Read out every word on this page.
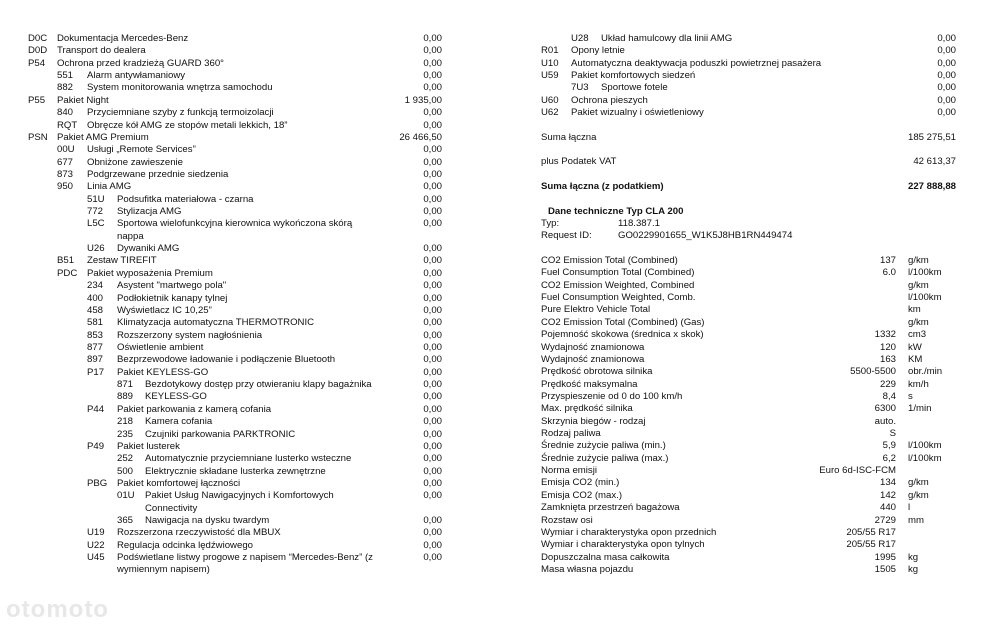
D0C Dokumentacja Mercedes-Benz	0,00
D0D Transport do dealera	0,00
P54 Ochrona przed kradzieżą GUARD 360°	0,00
551 Alarm antywłamaniowy	0,00
882 System monitorowania wnętrza samochodu	0,00
P55 Pakiet Night	1 935,00
840 Przyciemniane szyby z funkcją termoizolacji	0,00
RQT Obręcze kół AMG ze stopów metali lekkich, 18”	0,00
PSN Pakiet AMG Premium	26 466,50
00U Usługi „Remote Services”	0,00
677 Obniżone zawieszenie	0,00
873 Podgrzewane przednie siedzenia	0,00
950 Linia AMG	0,00
51U Podsufitka materiałowa - czarna	0,00
772 Stylizacja AMG	0,00
L5C Sportowa wielofunkcyjna kierownica wykończona skórą	0,00
nappa
U26 Dywaniki AMG	0,00
B51 Zestaw TIREFIT	0,00
PDC Pakiet wyposażenia Premium	0,00
234 Asystent "martwego pola"	0,00
400 Podłokietnik kanapy tylnej	0,00
458 Wyświetlacz IC 10,25”	0,00
581 Klimatyzacja automatyczna THERMOTRONIC	0,00
853 Rozszerzony system nagłośnienia	0,00
877 Oświetlenie ambient	0,00
897 Bezprzewodowe ładowanie i podłączenie Bluetooth	0,00
P17 Pakiet KEYLESS-GO	0,00
871 Bezdotykowy dostęp przy otwieraniu klapy bagażnika	0,00
889 KEYLESS-GO	0,00
P44 Pakiet parkowania z kamerą cofania	0,00
218 Kamera cofania	0,00
235 Czujniki parkowania PARKTRONIC	0,00
P49 Pakiet lusterek	0,00
252 Automatycznie przyciemniane lusterko wsteczne	0,00
500 Elektrycznie składane lusterka zewnętrzne	0,00
PBG Pakiet komfortowej łączności	0,00
01U Pakiet Usług Nawigacyjnych i Komfortowych	0,00
Connectivity
365 Nawigacja na dysku twardym	0,00
U19 Rozszerzona rzeczywistość dla MBUX	0,00
U22 Regulacja odcinka lędźwiowego	0,00
U45 Podświetlane listwy progowe z napisem “Mercedes-Benz” (z	0,00
wymiennym napisem)
U28 Układ hamulcowy dla linii AMG	0,00
R01 Opony letnie	0,00
U10 Automatyczna deaktywacja poduszki powietrznej pasażera	0,00
U59 Pakiet komfortowych siedzeń	0,00
7U3 Sportowe fotele	0,00
U60 Ochrona pieszych	0,00
U62 Pakiet wizualny i oświetleniowy	0,00
Suma łączna	185 275,51
plus Podatek VAT	42 613,37
Suma łączna (z podatkiem)	227 888,88
Dane techniczne Typ CLA 200
Typ:	118.387.1
Request ID:	GO0229901655_W1K5J8HB1RN449474
CO2 Emission Total (Combined)	137 g/km
Fuel Consumption Total (Combined)	6.0 l/100km
CO2 Emission Weighted, Combined	g/km
Fuel Consumption Weighted, Comb.	l/100km
Pure Elektro Vehicle Total	km
CO2 Emission Total (Combined) (Gas)	g/km
Pojemność skokowa (średnica x skok)	1332 cm3
Wydajność znamionowa	120 kW
Wydajność znamionowa	163 KM
Prędkość obrotowa silnika	5500-5500 obr./min
Prędkość maksymalna	229 km/h
Przyspieszenie od 0 do 100 km/h	8,4 s
Max. prędkość silnika	6300 1/min
Skrzynia biegów - rodzaj	auto.
Rodzaj paliwa	S
Średnie zużycie paliwa (min.)	5,9 l/100km
Średnie zużycie paliwa (max.)	6,2 l/100km
Norma emisji	Euro 6d-ISC-FCM
Emisja CO2 (min.)	134 g/km
Emisja CO2 (max.)	142 g/km
Zamknięta przestrzeń bagażowa	440 l
Rozstaw osi	2729 mm
Wymiar i charakterystyka opon przednich	205/55 R17
Wymiar i charakterystyka opon tylnych	205/55 R17
Dopuszczalna masa całkowita	1995 kg
Masa własna pojazdu	1505 kg
otomoto
